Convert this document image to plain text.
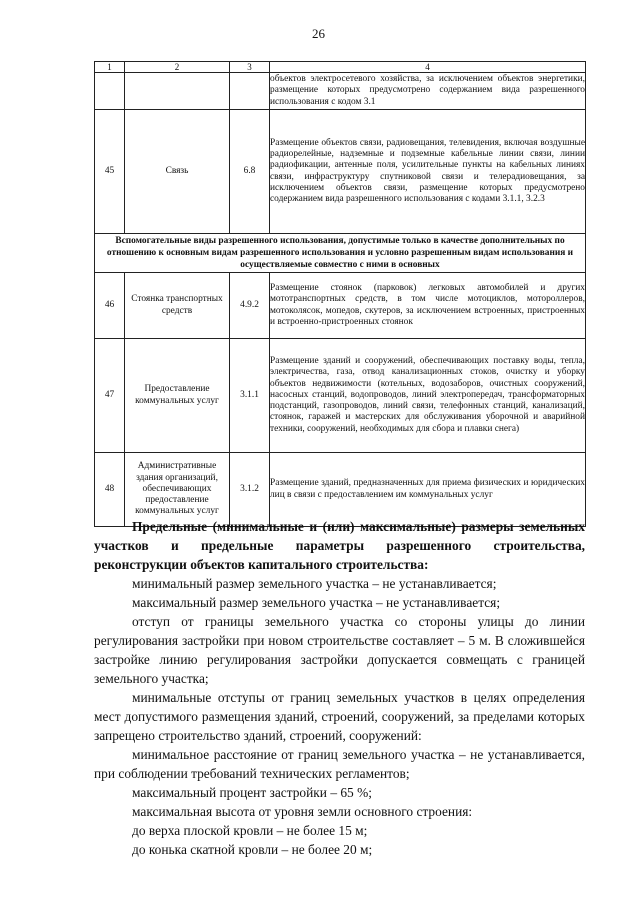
26
1	2	3	4
			объектов электросетевого хозяйства, за исключением объектов энергетики, размещение которых предусмотрено содержанием вида разрешенного использования с кодом 3.1
45	Связь	6.8	Размещение объектов связи, радиовещания, телевидения, включая воздушные радиорелейные, надземные и подземные кабельные линии связи, линии радиофикации, антенные поля, усилительные пункты на кабельных линиях связи, инфраструктуру спутниковой связи и телерадиовещания, за исключением объектов связи, размещение которых предусмотрено содержанием вида разрешенного использования с кодами 3.1.1, 3.2.3
Вспомогательные виды разрешенного использования, допустимые только в качестве дополнительных по отношению к основным видам разрешенного использования и условно разрешенным видам использования и осуществляемые совместно с ними в основных			
46	Стоянка транспортных средств	4.9.2	Размещение стоянок (парковок) легковых автомобилей и других мототранспортных средств, в том числе мотоциклов, мотороллеров, мотоколясок, мопедов, скутеров, за исключением встроенных, пристроенных и встроенно-пристроенных стоянок
47	Предоставление коммунальных услуг	3.1.1	Размещение зданий и сооружений, обеспечивающих поставку воды, тепла, электричества, газа, отвод канализационных стоков, очистку и уборку объектов недвижимости (котельных, водозаборов, очистных сооружений, насосных станций, водопроводов, линий электропередач, трансформаторных подстанций, газопроводов, линий связи, телефонных станций, канализаций, стоянок, гаражей и мастерских для обслуживания уборочной и аварийной техники, сооружений, необходимых для сбора и плавки снега)
48	Административные здания организаций, обеспечивающих предоставление коммунальных услуг	3.1.2	Размещение зданий, предназначенных для приема физических и юридических лиц в связи с предоставлением им коммунальных услуг
Предельные (минимальные и (или) максимальные) размеры земельных участков и предельные параметры разрешенного строительства, реконструкции объектов капитального строительства:

минимальный размер земельного участка – не устанавливается;

максимальный размер земельного участка – не устанавливается;

отступ от границы земельного участка со стороны улицы до линии регулирования застройки при новом строительстве составляет – 5 м. В сложившейся застройке линию регулирования застройки допускается совмещать с границей земельного участка;

минимальные отступы от границ земельных участков в целях определения мест допустимого размещения зданий, строений, сооружений, за пределами которых запрещено строительство зданий, строений, сооружений:

минимальное расстояние от границ земельного участка – не устанавливается, при соблюдении требований технических регламентов;

максимальный процент застройки – 65 %;

максимальная высота от уровня земли основного строения:

до верха плоской кровли – не более 15 м;

до конька скатной кровли – не более 20 м;
